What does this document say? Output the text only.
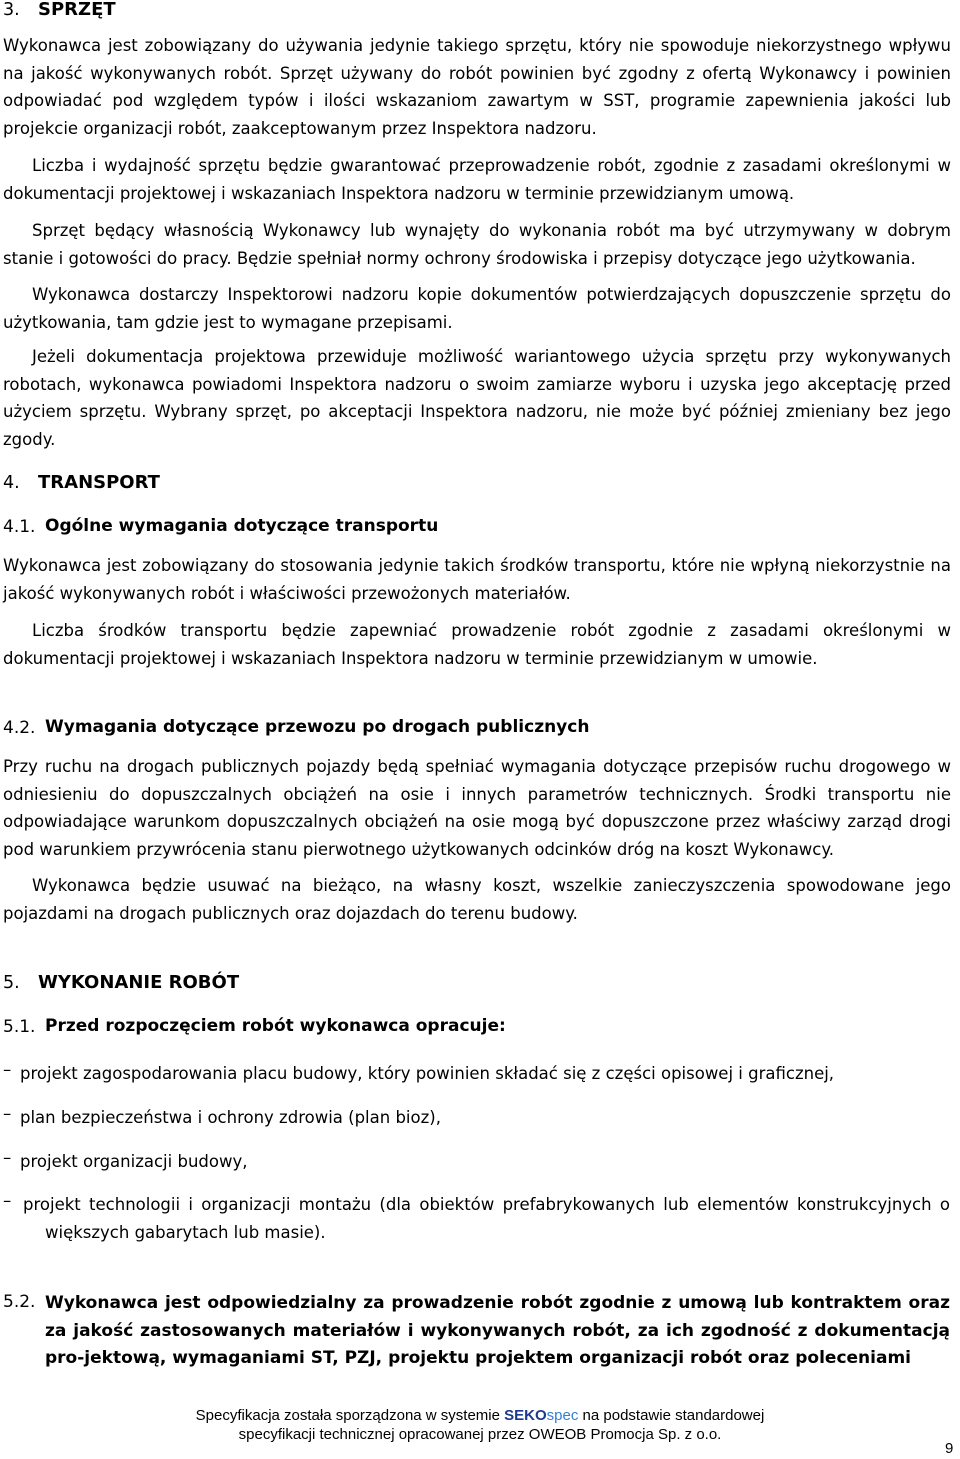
3. SPRZĘT
Wykonawca jest zobowiązany do używania jedynie takiego sprzętu, który nie spowoduje niekorzystnego wpływu na jakość wykonywanych robót. Sprzęt używany do robót powinien być zgodny z ofertą Wykonawcy i powinien odpowiadać pod względem typów i ilości wskazaniom zawartym w SST, programie zapewnienia jakości lub projekcie organizacji robót, zaakceptowanym przez Inspektora nadzoru.
Liczba i wydajność sprzętu będzie gwarantować przeprowadzenie robót, zgodnie z zasadami określonymi w dokumentacji projektowej i wskazaniach Inspektora nadzoru w terminie przewidzianym umową.
Sprzęt będący własnością Wykonawcy lub wynajęty do wykonania robót ma być utrzymywany w dobrym stanie i gotowości do pracy. Będzie spełniał normy ochrony środowiska i przepisy dotyczące jego użytkowania.
Wykonawca dostarczy Inspektorowi nadzoru kopie dokumentów potwierdzających dopuszczenie sprzętu do użytkowania, tam gdzie jest to wymagane przepisami.
Jeżeli dokumentacja projektowa przewiduje możliwość wariantowego użycia sprzętu przy wykonywanych robotach, wykonawca powiadomi Inspektora nadzoru o swoim zamiarze wyboru i uzyska jego akceptację przed użyciem sprzętu. Wybrany sprzęt, po akceptacji Inspektora nadzoru, nie może być później zmieniany bez jego zgody.
4. TRANSPORT
4.1. Ogólne wymagania dotyczące transportu
Wykonawca jest zobowiązany do stosowania jedynie takich środków transportu, które nie wpłyną niekorzystnie na jakość wykonywanych robót i właściwości przewożonych materiałów.
Liczba środków transportu będzie zapewniać prowadzenie robót zgodnie z zasadami określonymi w dokumentacji projektowej i wskazaniach Inspektora nadzoru w terminie przewidzianym w umowie.
4.2. Wymagania dotyczące przewozu po drogach publicznych
Przy ruchu na drogach publicznych pojazdy będą spełniać wymagania dotyczące przepisów ruchu drogowego w odniesieniu do dopuszczalnych obciążeń na osie i innych parametrów technicznych. Środki transportu nie odpowiadające warunkom dopuszczalnych obciążeń na osie mogą być dopuszczone przez właściwy zarząd drogi pod warunkiem przywrócenia stanu pierwotnego użytkowanych odcinków dróg na koszt Wykonawcy.
Wykonawca będzie usuwać na bieżąco, na własny koszt, wszelkie zanieczyszczenia spowodowane jego pojazdami na drogach publicznych oraz dojazdach do terenu budowy.
5. WYKONANIE ROBÓT
5.1. Przed rozpoczęciem robót wykonawca opracuje:
– projekt zagospodarowania placu budowy, który powinien składać się z części opisowej i graficznej,
– plan bezpieczeństwa i ochrony zdrowia (plan bioz),
– projekt organizacji budowy,
– projekt technologii i organizacji montażu (dla obiektów prefabrykowanych lub elementów konstrukcyjnych o większych gabarytach lub masie).
5.2. Wykonawca jest odpowiedzialny za prowadzenie robót zgodnie z umową lub kontraktem oraz za jakość zastosowanych materiałów i wykonywanych robót, za ich zgodność z dokumentacją pro-jektową, wymaganiami ST, PZJ, projektu projektem organizacji robót oraz poleceniami
Specyfikacja została sporządzona w systemie SEKOspec na podstawie standardowej
specyfikacji technicznej opracowanej przez OWEOB Promocja Sp. z o.o.
9
